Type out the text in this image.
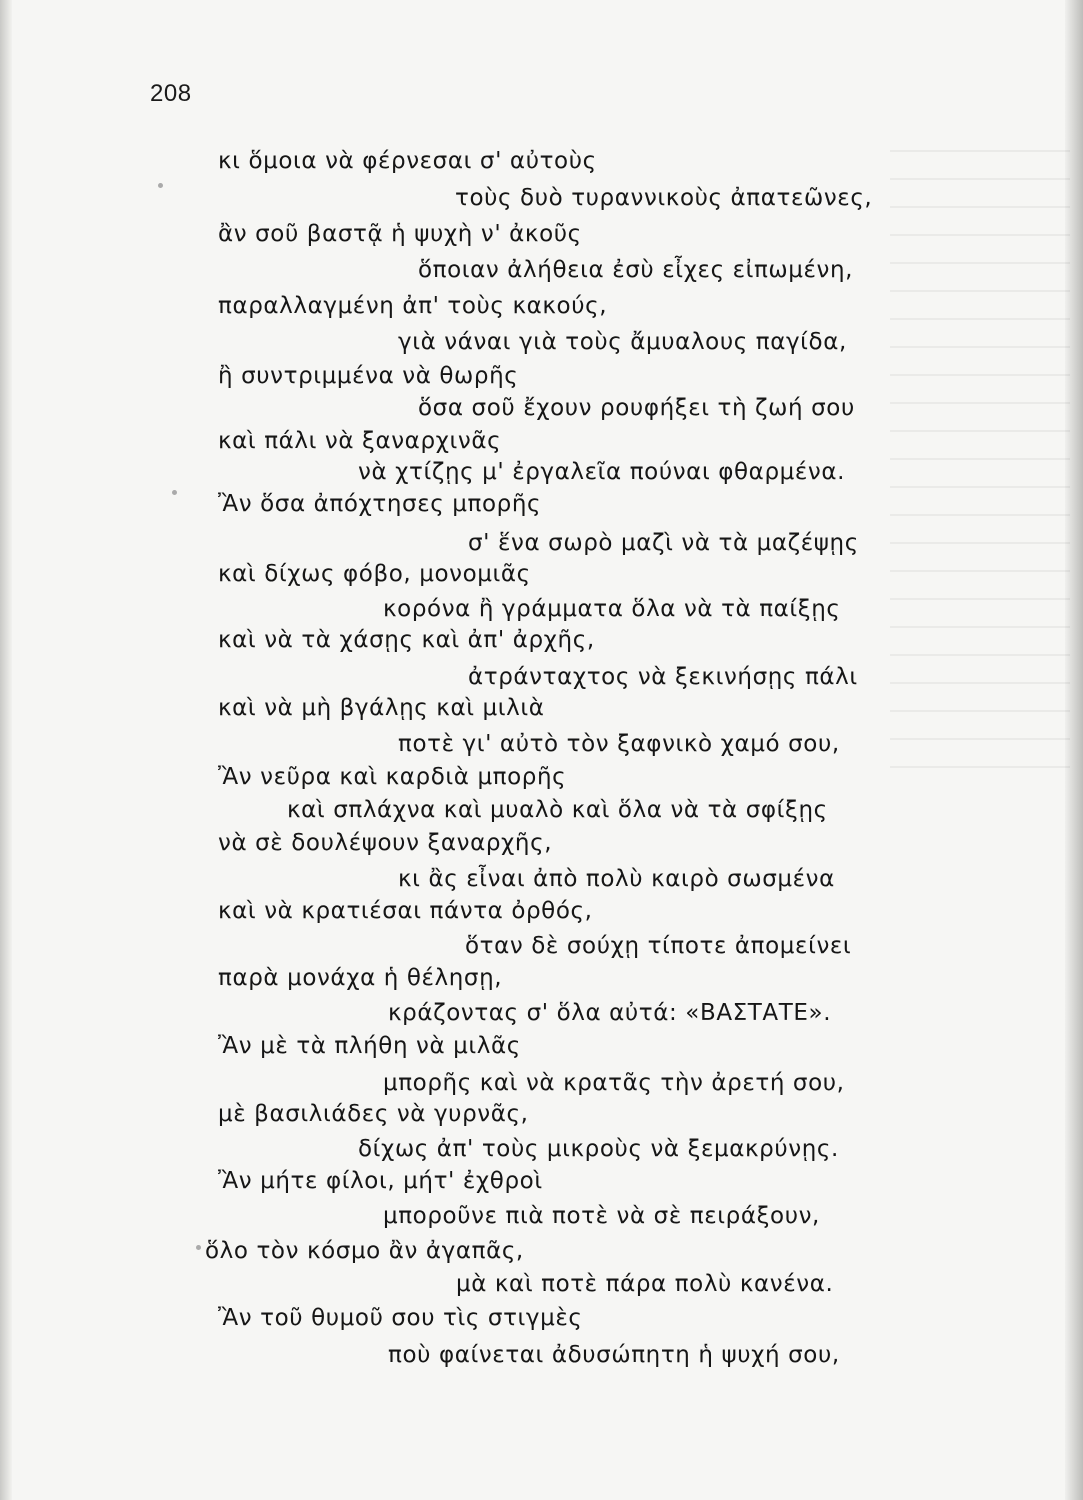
208
κι ὅμοια νὰ φέρνεσαι σ' αὐτοὺς
τοὺς δυὸ τυραννικοὺς ἀπατεῶνες,
ἂν σοῦ βαστᾷ ἡ ψυχὴ ν' ἀκοῦς
ὅποιαν ἀλήθεια ἐσὺ εἶχες εἰπωμένη,
παραλλαγμένη ἀπ' τοὺς κακούς,
γιὰ νάναι γιὰ τοὺς ἄμυαλους παγίδα,
ἢ συντριμμένα νὰ θωρῆς
ὅσα σοῦ ἔχουν ρουφήξει τὴ ζωή σου
καὶ πάλι νὰ ξαναρχινᾶς
νὰ χτίζῃς μ' ἐργαλεῖα πούναι φθαρμένα.
Ἂν ὅσα ἀπόχτησες μπορῆς
σ' ἕνα σωρὸ μαζὶ νὰ τὰ μαζέψῃς
καὶ δίχως φόβο, μονομιᾶς
κορόνα ἢ γράμματα ὅλα νὰ τὰ παίξῃς
καὶ νὰ τὰ χάσῃς καὶ ἀπ' ἀρχῆς,
ἀτράνταχτος νὰ ξεκινήσῃς πάλι
καὶ νὰ μὴ βγάλῃς καὶ μιλιὰ
ποτὲ γι' αὐτὸ τὸν ξαφνικὸ χαμό σου,
Ἂν νεῦρα καὶ καρδιὰ μπορῆς
καὶ σπλάχνα καὶ μυαλὸ καὶ ὅλα νὰ τὰ σφίξῃς
νὰ σὲ δουλέψουν ξαναρχῆς,
κι ἂς εἶναι ἀπὸ πολὺ καιρὸ σωσμένα
καὶ νὰ κρατιέσαι πάντα ὀρθός,
ὅταν δὲ σούχῃ τίποτε ἀπομείνει
παρὰ μονάχα ἡ θέλησῃ,
κράζοντας σ' ὅλα αὐτά: «ΒΑΣΤΑΤΕ».
Ἂν μὲ τὰ πλήθη νὰ μιλᾶς
μπορῆς καὶ νὰ κρατᾶς τὴν ἀρετή σου,
μὲ βασιλιάδες νὰ γυρνᾶς,
δίχως ἀπ' τοὺς μικροὺς νὰ ξεμακρύνῃς.
Ἂν μήτε φίλοι, μήτ' ἐχθροὶ
μποροῦνε πιὰ ποτὲ νὰ σὲ πειράξουν,
ὅλο τὸν κόσμο ἂν ἀγαπᾶς,
μὰ καὶ ποτὲ πάρα πολὺ κανένα.
Ἂν τοῦ θυμοῦ σου τὶς στιγμὲς
ποὺ φαίνεται ἀδυσώπητη ἡ ψυχή σου,
